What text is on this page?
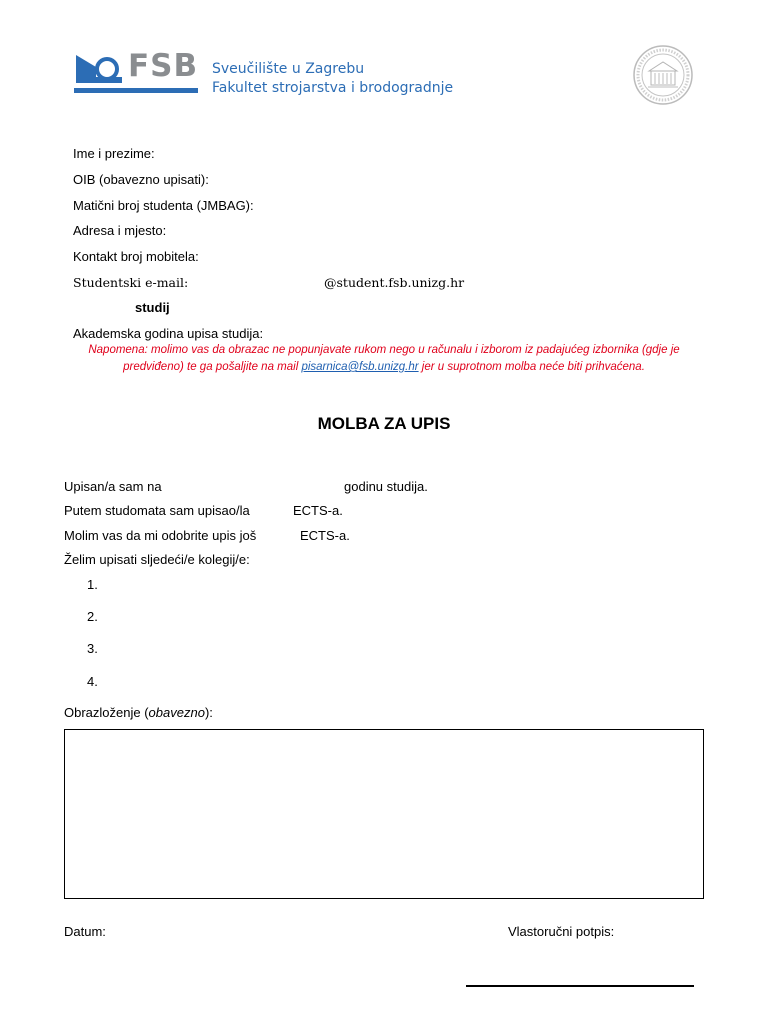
FSB Sveučilište u Zagrebu
Fakultet strojarstva i brodogradnje
Ime i prezime:
OIB (obavezno upisati):
Matični broj studenta (JMBAG):
Adresa i mjesto:
Kontakt broj mobitela:
Studentski e-mail:	@student.fsb.unizg.hr
studij
Akademska godina upisa studija:
Napomena: molimo vas da obrazac ne popunjavate rukom nego u računalu i izborom iz padajućeg izbornika (gdje je predviđeno) te ga pošaljite na mail pisarnica@fsb.unizg.hr jer u suprotnom molba neće biti prihvaćena.
MOLBA ZA UPIS
Upisan/a sam na	godinu studija.
Putem studomata sam upisao/la	ECTS-a.
Molim vas da mi odobrite upis još	ECTS-a.
Želim upisati sljedeći/e kolegij/e:
1.
2.
3.
4.
Obrazloženje (obavezno):
Datum:	Vlastoručni potpis:
